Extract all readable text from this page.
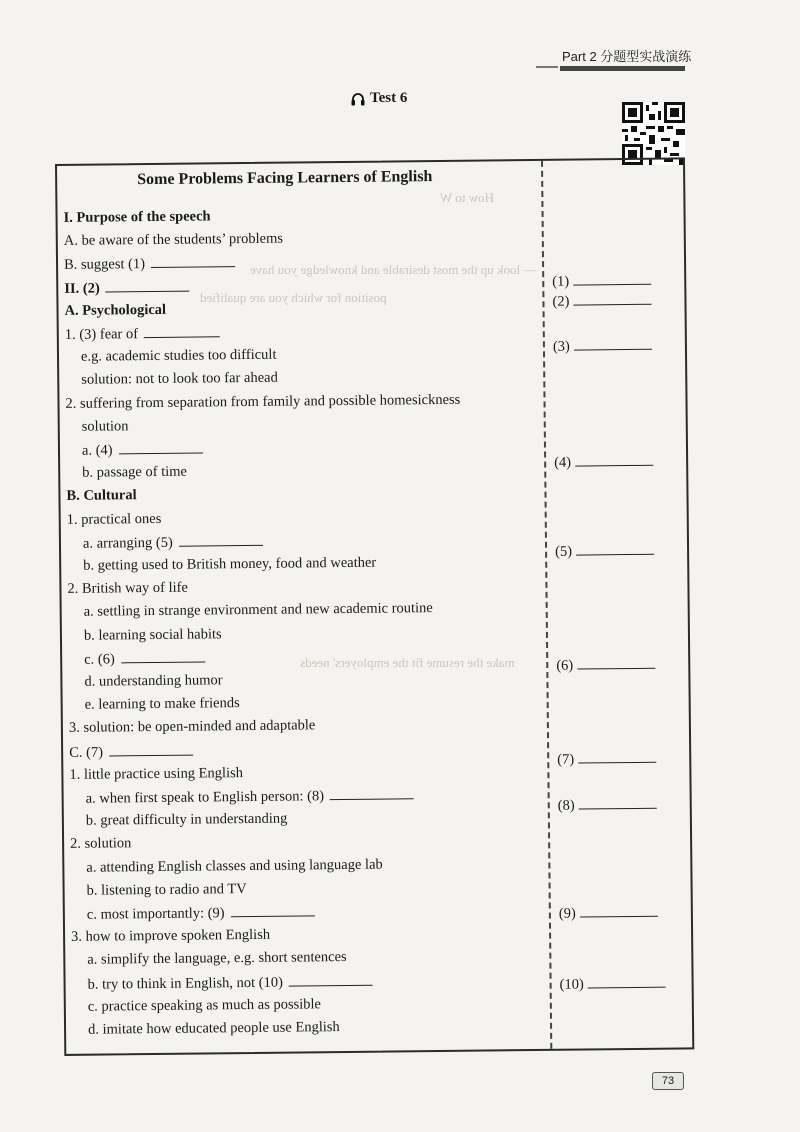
Part 2 分题型实战演练
Test 6
How to W
— look up the most desirable and knowledge you have
position for which you are qualified
make the resume fit the employers' needs
Some Problems Facing Learners of English
I. Purpose of the speech
A. be aware of the students’ problems
B. suggest (1)
II. (2)
A. Psychological
1. (3) fear of
e.g. academic studies too difficult
solution: not to look too far ahead
2. suffering from separation from family and possible homesickness
solution
a. (4)
b. passage of time
B. Cultural
1. practical ones
a. arranging (5)
b. getting used to British money, food and weather
2. British way of life
a. settling in strange environment and new academic routine
b. learning social habits
c. (6)
d. understanding humor
e. learning to make friends
3. solution: be open-minded and adaptable
C. (7)
1. little practice using English
a. when first speak to English person: (8)
b. great difficulty in understanding
2. solution
a. attending English classes and using language lab
b. listening to radio and TV
c. most importantly: (9)
3. how to improve spoken English
a. simplify the language, e.g. short sentences
b. try to think in English, not (10)
c. practice speaking as much as possible
d. imitate how educated people use English
(1)
(2)
(3)
(4)
(5)
(6)
(7)
(8)
(9)
(10)
73
